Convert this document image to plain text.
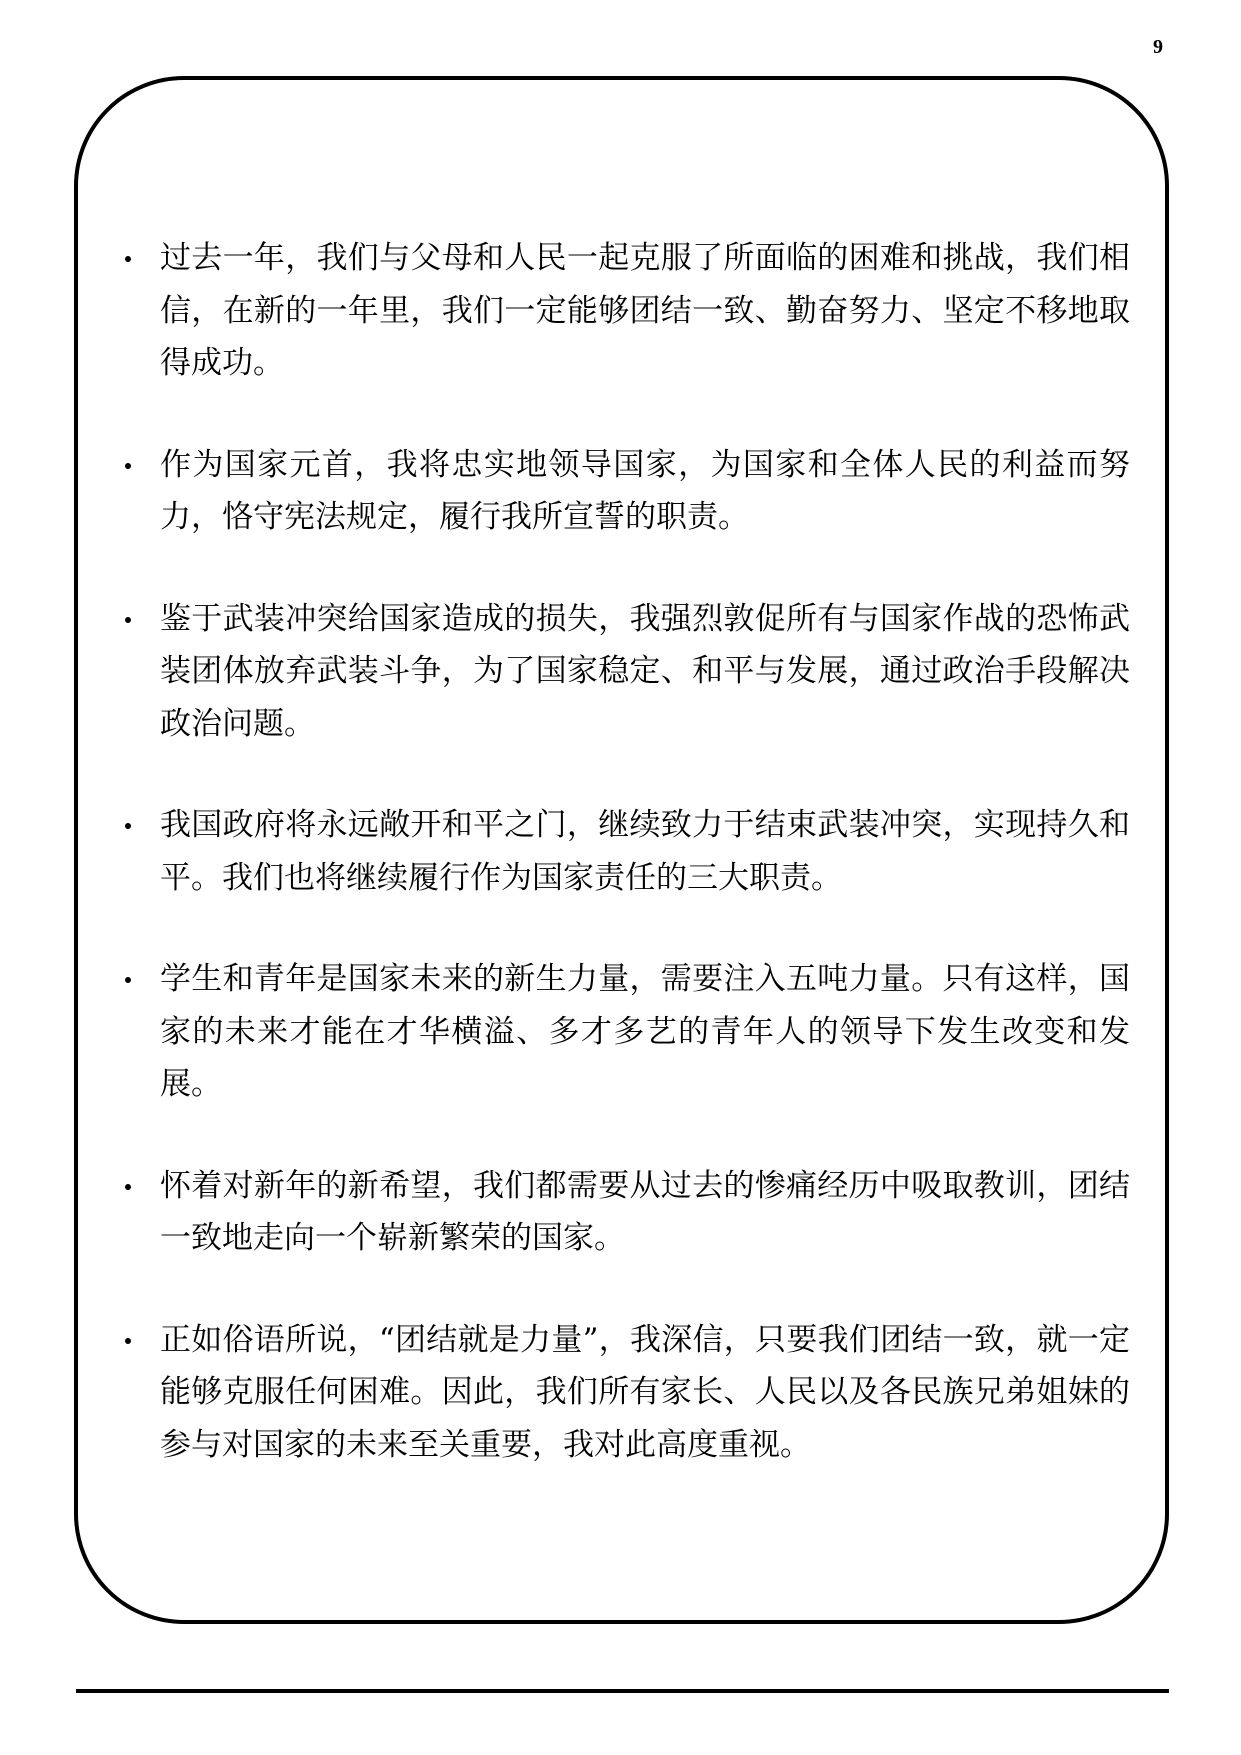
9
过去一年，我们与父母和人民一起克服了所面临的困难和挑战，我们相信，在新的一年里，我们一定能够团结一致、勤奋努力、坚定不移地取得成功。
作为国家元首，我将忠实地领导国家，为国家和全体人民的利益而努力，恪守宪法规定，履行我所宣誓的职责。
鉴于武装冲突给国家造成的损失，我强烈敦促所有与国家作战的恐怖武装团体放弃武装斗争，为了国家稳定、和平与发展，通过政治手段解决政治问题。
我国政府将永远敞开和平之门，继续致力于结束武装冲突，实现持久和平。我们也将继续履行作为国家责任的三大职责。
学生和青年是国家未来的新生力量，需要注入五吨力量。只有这样，国家的未来才能在才华横溢、多才多艺的青年人的领导下发生改变和发展。
怀着对新年的新希望，我们都需要从过去的惨痛经历中吸取教训，团结一致地走向一个崭新繁荣的国家。
正如俗语所说，“团结就是力量”，我深信，只要我们团结一致，就一定能够克服任何困难。因此，我们所有家长、人民以及各民族兄弟姐妹的参与对国家的未来至关重要，我对此高度重视。
